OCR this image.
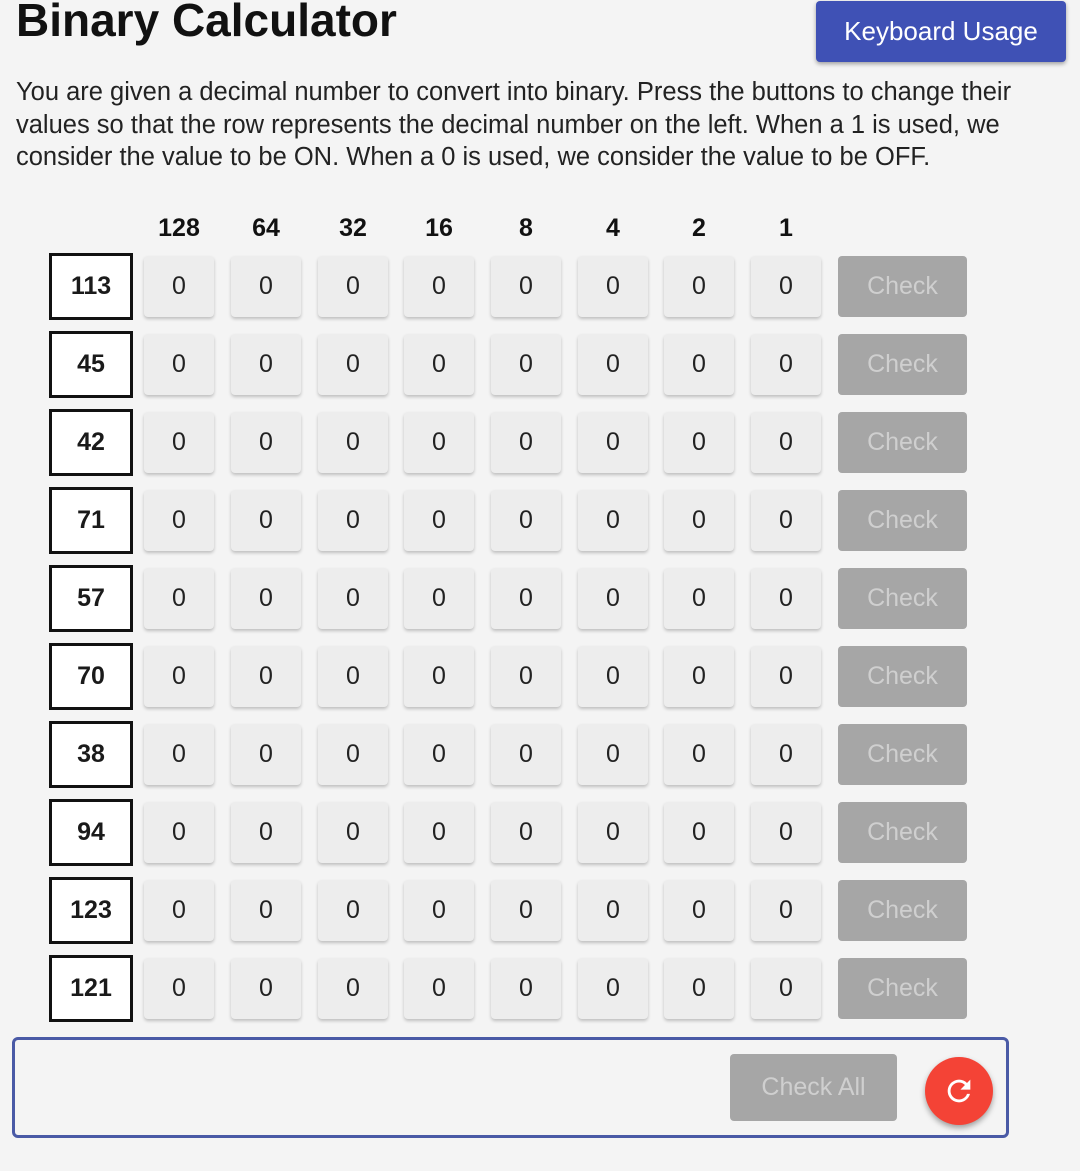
Binary Calculator	Keyboard Usage
You are given a decimal number to convert into binary. Press the buttons to change their values so that the row represents the decimal number on the left. When a 1 is used, we consider the value to be ON. When a 0 is used, we consider the value to be OFF.
128	64	32	16	8	4	2	1
113	0	0	0	0	0	0	0	0	Check
45	0	0	0	0	0	0	0	0	Check
42	0	0	0	0	0	0	0	0	Check
71	0	0	0	0	0	0	0	0	Check
57	0	0	0	0	0	0	0	0	Check
70	0	0	0	0	0	0	0	0	Check
38	0	0	0	0	0	0	0	0	Check
94	0	0	0	0	0	0	0	0	Check
123	0	0	0	0	0	0	0	0	Check
121	0	0	0	0	0	0	0	0	Check
Check All
